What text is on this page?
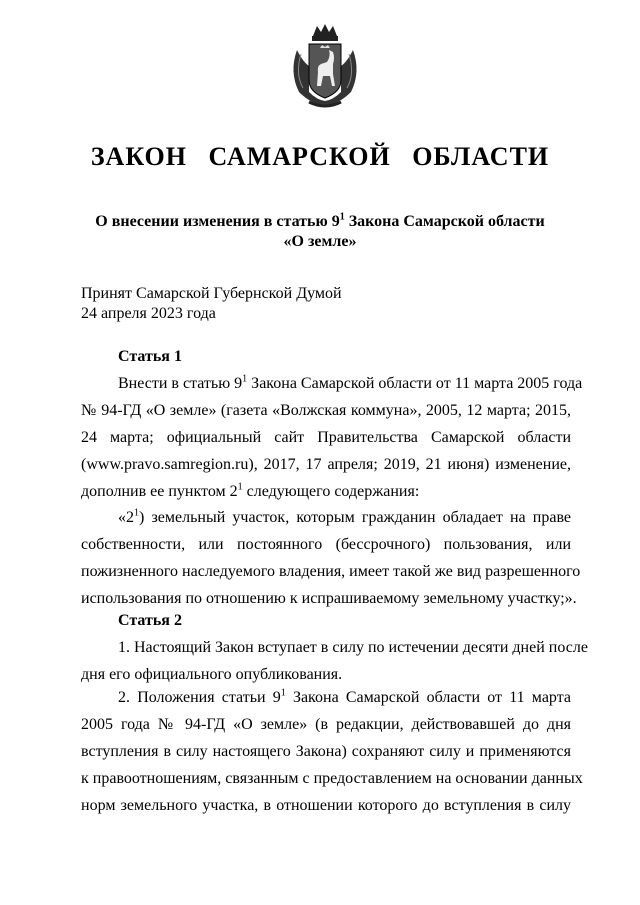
ЗАКОН САМАРСКОЙ ОБЛАСТИ
О внесении изменения в статью $9^1$ Закона Самарской области
«О земле»
Принят Самарской Губернской Думой
24 апреля 2023 года
Статья 1
Внести в статью $9^1$ Закона Самарской области от 11 марта 2005 года
№ 94-ГД «О земле» (газета «Волжская коммуна», 2005, 12 марта; 2015,
24 марта; официальный сайт Правительства Самарской области
(www.pravo.samregion.ru), 2017, 17 апреля; 2019, 21 июня) изменение,
дополнив ее пунктом $2^1$ следующего содержания:
«$2^1$) земельный участок, которым гражданин обладает на праве
собственности, или постоянного (бессрочного) пользования, или
пожизненного наследуемого владения, имеет такой же вид разрешенного
использования по отношению к испрашиваемому земельному участку;».
Статья 2
1. Настоящий Закон вступает в силу по истечении десяти дней после
дня его официального опубликования.
2. Положения статьи $9^1$ Закона Самарской области от 11 марта
2005 года № 94-ГД «О земле» (в редакции, действовавшей до дня
вступления в силу настоящего Закона) сохраняют силу и применяются
к правоотношениям, связанным с предоставлением на основании данных
норм земельного участка, в отношении которого до вступления в силу
